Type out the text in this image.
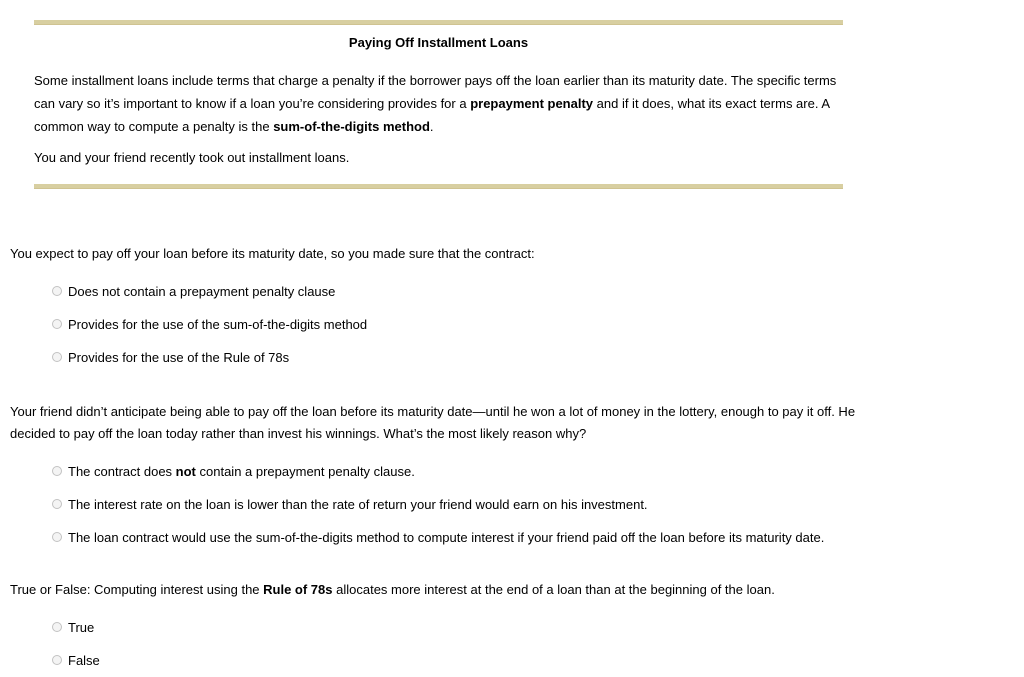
Paying Off Installment Loans
Some installment loans include terms that charge a penalty if the borrower pays off the loan earlier than its maturity date. The specific terms can vary so it’s important to know if a loan you’re considering provides for a prepayment penalty and if it does, what its exact terms are. A common way to compute a penalty is the sum-of-the-digits method.
You and your friend recently took out installment loans.
You expect to pay off your loan before its maturity date, so you made sure that the contract:
Does not contain a prepayment penalty clause
Provides for the use of the sum-of-the-digits method
Provides for the use of the Rule of 78s
Your friend didn’t anticipate being able to pay off the loan before its maturity date—until he won a lot of money in the lottery, enough to pay it off. He decided to pay off the loan today rather than invest his winnings. What’s the most likely reason why?
The contract does not contain a prepayment penalty clause.
The interest rate on the loan is lower than the rate of return your friend would earn on his investment.
The loan contract would use the sum-of-the-digits method to compute interest if your friend paid off the loan before its maturity date.
True or False: Computing interest using the Rule of 78s allocates more interest at the end of a loan than at the beginning of the loan.
True
False
